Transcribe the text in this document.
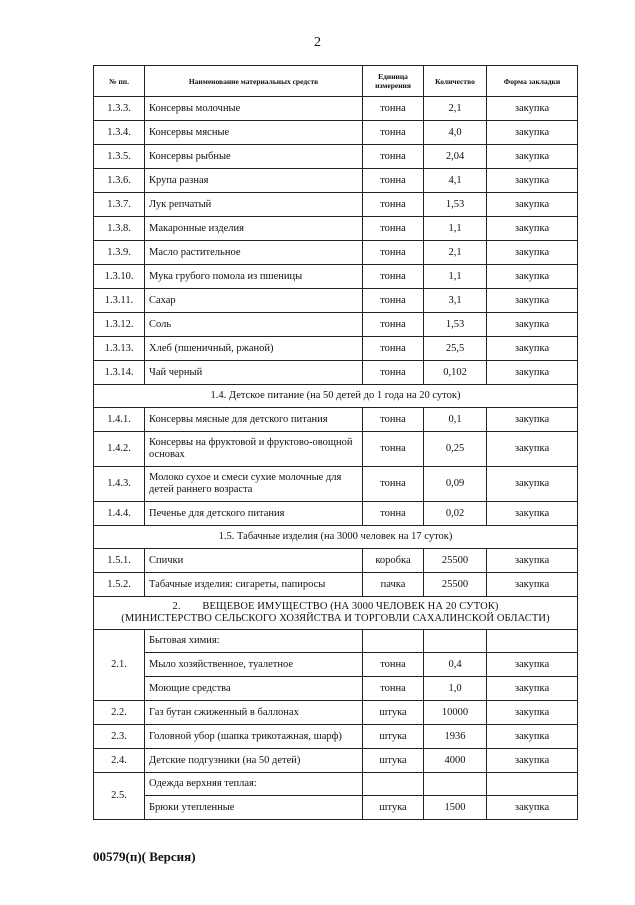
2
№ пп.	Наименование материальных средств	Единица измерения	Количество	Форма закладки
1.3.3.	Консервы молочные	тонна	2,1	закупка
1.3.4.	Консервы мясные	тонна	4,0	закупка
1.3.5.	Консервы рыбные	тонна	2,04	закупка
1.3.6.	Крупа разная	тонна	4,1	закупка
1.3.7.	Лук репчатый	тонна	1,53	закупка
1.3.8.	Макаронные изделия	тонна	1,1	закупка
1.3.9.	Масло растительное	тонна	2,1	закупка
1.3.10.	Мука грубого помола из пшеницы	тонна	1,1	закупка
1.3.11.	Сахар	тонна	3,1	закупка
1.3.12.	Соль	тонна	1,53	закупка
1.3.13.	Хлеб (пшеничный, ржаной)	тонна	25,5	закупка
1.3.14.	Чай черный	тонна	0,102	закупка
1.4. Детское питание (на 50 детей до 1 года на 20 суток)				
1.4.1.	Консервы мясные для детского питания	тонна	0,1	закупка
1.4.2.	Консервы на фруктовой и фруктово-овощной основах	тонна	0,25	закупка
1.4.3.	Молоко сухое и смеси сухие молочные для детей раннего возраста	тонна	0,09	закупка
1.4.4.	Печенье для детского питания	тонна	0,02	закупка
1.5. Табачные изделия (на 3000 человек на 17 суток)				
1.5.1.	Спички	коробка	25500	закупка
1.5.2.	Табачные изделия: сигареты, папиросы	пачка	25500	закупка

2.        ВЕЩЕВОЕ ИМУЩЕСТВО (НА 3000 ЧЕЛОВЕК НА 20 СУТОК)
(МИНИСТЕРСТВО СЕЛЬСКОГО ХОЗЯЙСТВА И ТОРГОВЛИ САХАЛИНСКОЙ ОБЛАСТИ)				

2.1.	Бытовая химия:			
	Мыло хозяйственное, туалетное	тонна	0,4	закупка
	Моющие средства	тонна	1,0	закупка
2.2.	Газ бутан сжиженный в баллонах	штука	10000	закупка
2.3.	Головной убор (шапка трикотажная, шарф)	штука	1936	закупка
2.4.	Детские подгузники (на 50 детей)	штука	4000	закупка
2.5.	Одежда верхняя теплая:			
	Брюки утепленные	штука	1500	закупка
00579(п)( Версия)
